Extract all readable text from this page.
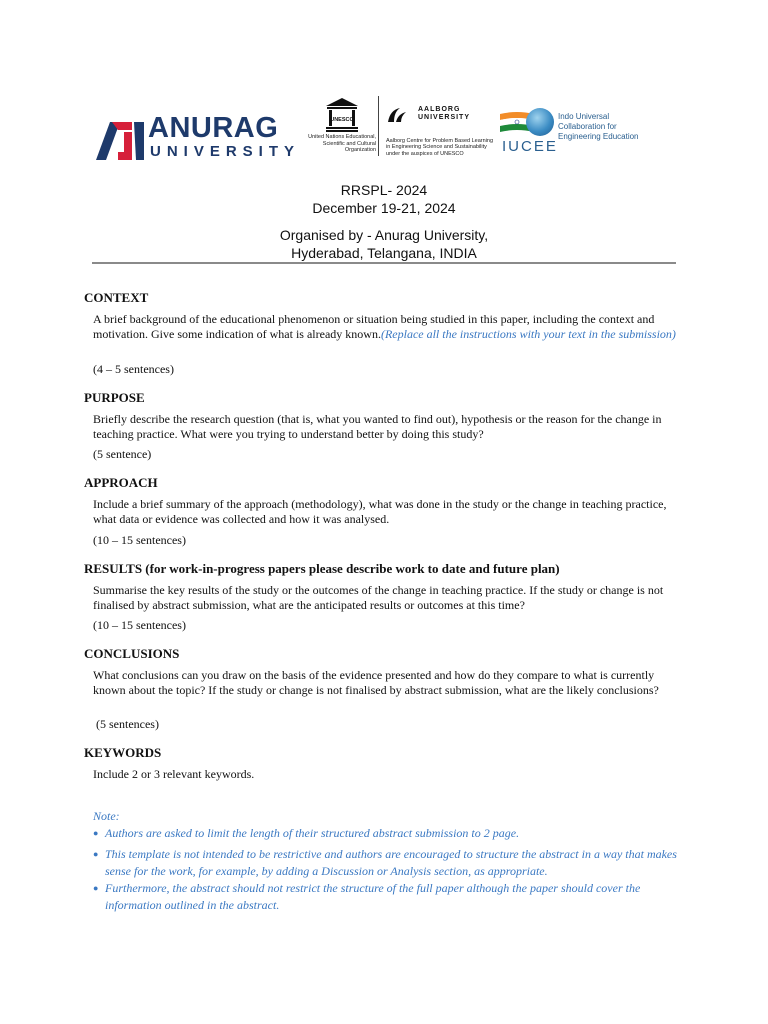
ANURAG
UNIVERSITY
UNESCO
United Nations Educational, Scientific and Cultural Organization
AALBORG
UNIVERSITY
Aalborg Centre for Problem Based Learning in Engineering Science and Sustainability under the auspices of UNESCO	IUCEE
Indo Universal Collaboration for Engineering Education
RRSPL- 2024
December 19-21, 2024
Organised by - Anurag University,
Hyderabad, Telangana, INDIA
CONTEXT
A brief background of the educational phenomenon or situation being studied in this paper, including the context and motivation. Give some indication of what is already known.(Replace all the instructions with your text in the submission)
(4 – 5 sentences)
PURPOSE
Briefly describe the research question (that is, what you wanted to find out), hypothesis or the reason for the change in teaching practice. What were you trying to understand better by doing this study?
(5 sentence)
APPROACH
Include a brief summary of the approach (methodology), what was done in the study or the change in teaching practice, what data or evidence was collected and how it was analysed.
(10 – 15 sentences)
RESULTS (for work-in-progress papers please describe work to date and future plan)
Summarise the key results of the study or the outcomes of the change in teaching practice. If the study or change is not finalised by abstract submission, what are the anticipated results or outcomes at this time?
(10 – 15 sentences)
CONCLUSIONS
What conclusions can you draw on the basis of the evidence presented and how do they compare to what is currently known about the topic? If the study or change is not finalised by abstract submission, what are the likely conclusions?
(5 sentences)
KEYWORDS
Include 2 or 3 relevant keywords.
Note:
● Authors are asked to limit the length of their structured abstract submission to 2 page.
● This template is not intended to be restrictive and authors are encouraged to structure the abstract in a way that makes sense for the work, for example, by adding a Discussion or Analysis section, as appropriate.
● Furthermore, the abstract should not restrict the structure of the full paper although the paper should cover the information outlined in the abstract.
